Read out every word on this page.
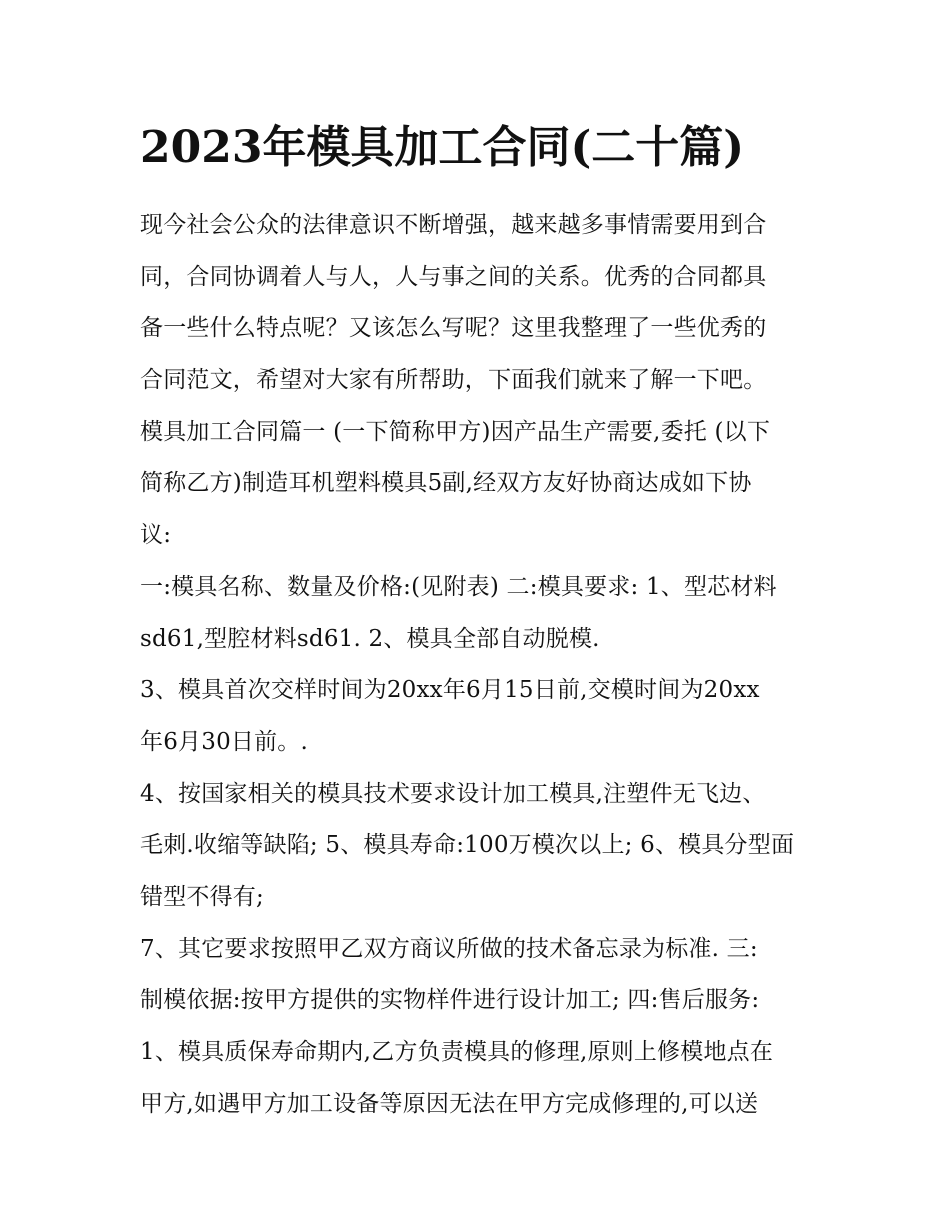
2023年模具加工合同(二十篇)
现今社会公众的法律意识不断增强，越来越多事情需要用到合
同，合同协调着人与人，人与事之间的关系。优秀的合同都具
备一些什么特点呢？又该怎么写呢？这里我整理了一些优秀的
合同范文，希望对大家有所帮助，下面我们就来了解一下吧。
模具加工合同篇一 (一下简称甲方)因产品生产需要,委托 (以下
简称乙方)制造耳机塑料模具5副,经双方友好协商达成如下协
议:
一:模具名称、数量及价格:(见附表) 二:模具要求: 1、型芯材料
sd61,型腔材料sd61. 2、模具全部自动脱模.
3、模具首次交样时间为20xx年6月15日前,交模时间为20xx
年6月30日前。.
4、按国家相关的模具技术要求设计加工模具,注塑件无飞边、
毛刺.收缩等缺陷; 5、模具寿命:100万模次以上; 6、模具分型面
错型不得有;
7、其它要求按照甲乙双方商议所做的技术备忘录为标准. 三:
制模依据:按甲方提供的实物样件进行设计加工; 四:售后服务:
1、模具质保寿命期内,乙方负责模具的修理,原则上修模地点在
甲方,如遇甲方加工设备等原因无法在甲方完成修理的,可以送
